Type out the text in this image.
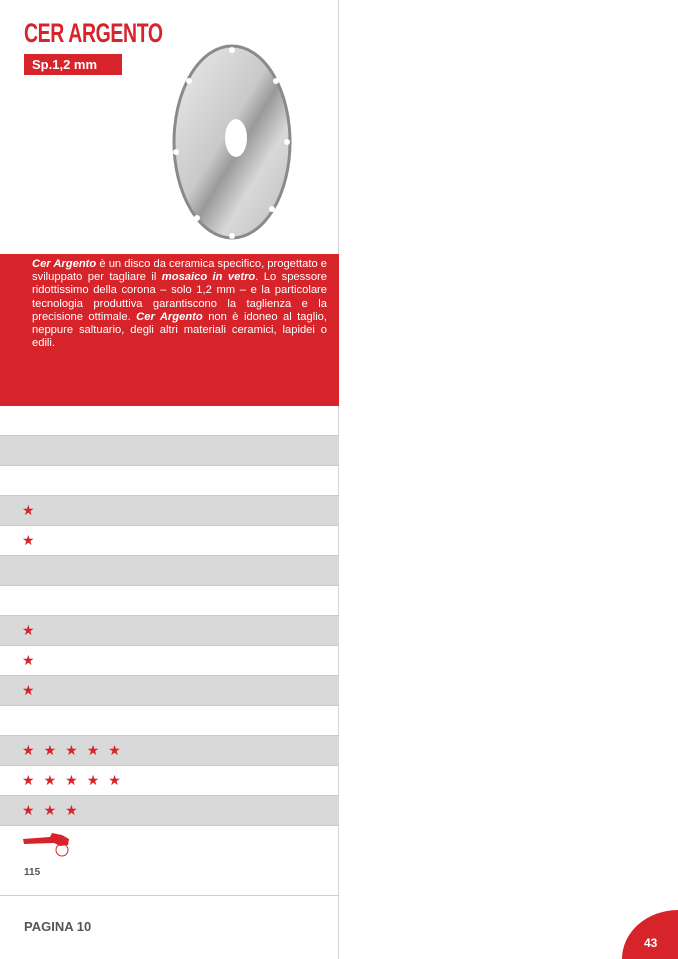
CER ARGENTO
Sp.1,2 mm
Cer Argento è un disco da ceramica specifico, progettato e sviluppato per tagliare il mosaico in vetro. Lo spessore ridottissimo della corona – solo 1,2 mm – e la particolare tecnologia produttiva garantiscono la taglienza e la precisione ottimale. Cer Argento non è idoneo al taglio, neppure saltuario, degli altri materiali ceramici, lapidei o edili.
★
★
★
★
★
★ ★ ★ ★ ★
★ ★ ★ ★ ★
★ ★ ★
115
PAGINA 10
43
